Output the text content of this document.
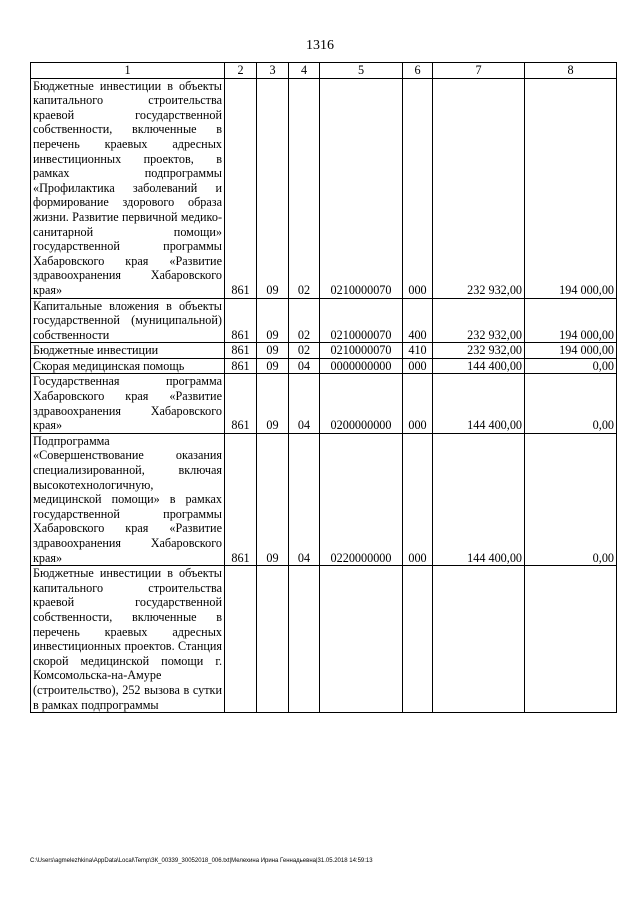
1316
1	2	3	4	5	6	7	8
Бюджетные инвестиции в объекты капитального строительства краевой государственной собственности, включенные в перечень краевых адресных инвестиционных проектов, в рамках подпрограммы «Профилактика заболеваний и формирование здорового образа жизни. Развитие первичной медико-санитарной помощи» государственной программы Хабаровского края «Развитие здравоохранения Хабаровского края»	861	09	02	0210000070	000	232 932,00	194 000,00
Капитальные вложения в объекты государственной (муниципальной) собственности	861	09	02	0210000070	400	232 932,00	194 000,00
Бюджетные инвестиции	861	09	02	0210000070	410	232 932,00	194 000,00
Скорая медицинская помощь	861	09	04	0000000000	000	144 400,00	0,00
Государственная программа Хабаровского края «Развитие здравоохранения Хабаровского края»	861	09	04	0200000000	000	144 400,00	0,00
Подпрограмма «Совершенствование оказания специализированной, включая высокотехнологичную, медицинской помощи» в рамках государственной программы Хабаровского края «Развитие здравоохранения Хабаровского края»	861	09	04	0220000000	000	144 400,00	0,00
Бюджетные инвестиции в объекты капитального строительства краевой государственной собственности, включенные в перечень краевых адресных инвестиционных проектов. Станция скорой медицинской помощи г. Комсомольска-на-Амуре (строительство), 252 вызова в сутки в рамках подпрограммы							
C:\Users\agmelezhkina\AppData\Local\Temp\ЗК_00339_30052018_006.txt|Мелехина Ирина Геннадьевна|31.05.2018 14:59:13
